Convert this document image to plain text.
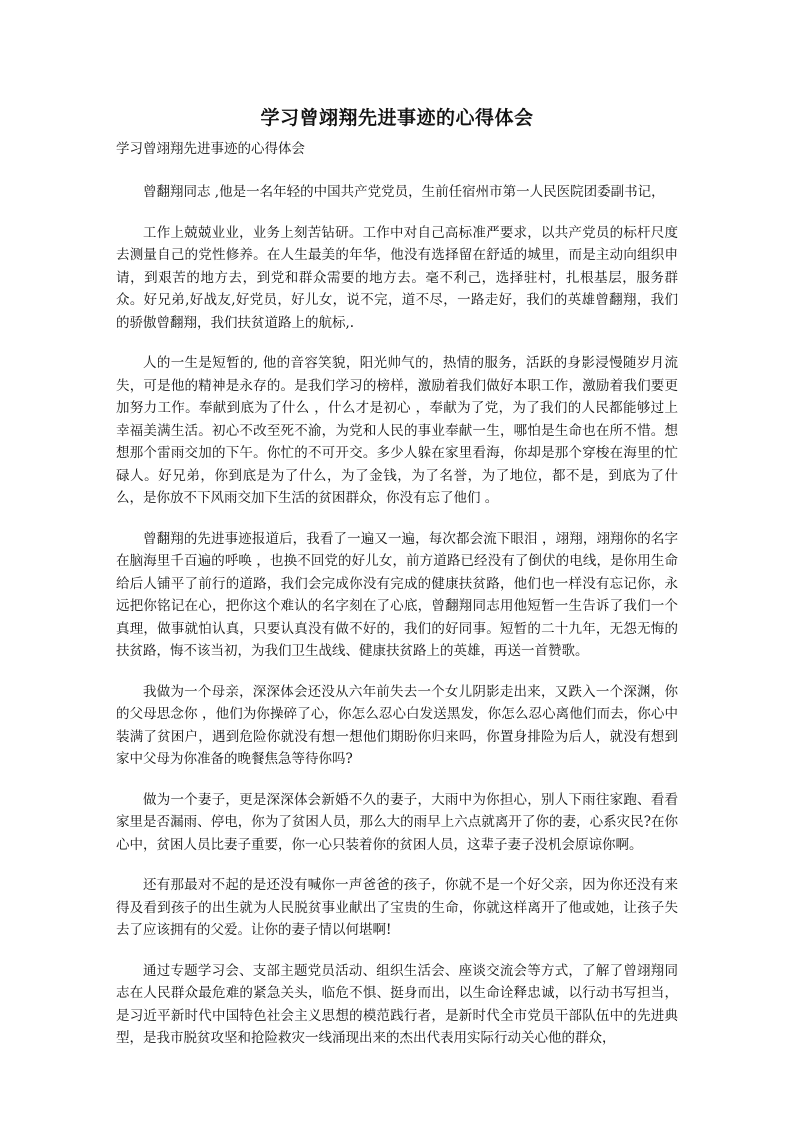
学习曾翊翔先进事迹的心得体会
学习曾翊翔先进事迹的心得体会

曾翻翔同志 ,他是一名年轻的中国共产党党员，生前任宿州市第一人民医院团委副书记，

工作上兢兢业业，业务上刻苦钻研。工作中对自己高标准严要求，以共产党员的标杆尺度去测量自己的党性修养。在人生最美的年华，他没有选择留在舒适的城里，而是主动向组织申请，到艰苦的地方去，到党和群众需要的地方去。毫不利己，选择驻村，扎根基层，服务群众。好兄弟,好战友,好党员，好儿女，说不完，道不尽，一路走好，我们的英雄曾翻翔，我们的骄傲曾翻翔，我们扶贫道路上的航标,.

人的一生是短暂的, 他的音容笑貌，阳光帅气的，热情的服务，活跃的身影浸慢随岁月流失，可是他的精神是永存的。是我们学习的榜样，激励着我们做好本职工作，激励着我们要更加努力工作。奉献到底为了什么 ，什么才是初心 ，奉献为了党，为了我们的人民都能够过上幸福美满生活。初心不改至死不渝，为党和人民的事业奉献一生，哪怕是生命也在所不惜。想想那个雷雨交加的下午。你忙的不可开交。多少人躲在家里看海，你却是那个穿梭在海里的忙碌人。好兄弟，你到底是为了什么，为了金钱，为了名誉，为了地位，都不是，到底为了什么，是你放不下风雨交加下生活的贫困群众，你没有忘了他们 。

曾翻翔的先进事迹报道后，我看了一遍又一遍，每次都会流下眼泪 ，翊翔，翊翔你的名字在脑海里千百遍的呼唤 ，也换不回党的好儿女，前方道路已经没有了倒伏的电线，是你用生命给后人铺平了前行的道路，我们会完成你没有完成的健康扶贫路，他们也一样没有忘记你，永远把你铭记在心，把你这个难认的名字刻在了心底，曾翻翔同志用他短暂一生告诉了我们一个真理，做事就怕认真，只要认真没有做不好的，我们的好同事。短暂的二十九年，无怨无悔的扶贫路，悔不该当初，为我们卫生战线、健康扶贫路上的英雄，再送一首赞歌。

我做为一个母亲，深深体会还没从六年前失去一个女儿阴影走出来，又跌入一个深渊，你的父母思念你 ，他们为你操碎了心，你怎么忍心白发送黑发，你怎么忍心离他们而去，你心中装满了贫困户，遇到危险你就没有想一想他们期盼你归来吗，你置身排险为后人，就没有想到家中父母为你准备的晚餐焦急等待你吗?

做为一个妻子，更是深深体会新婚不久的妻子，大雨中为你担心，别人下雨往家跑、看看家里是否漏雨、停电，你为了贫困人员，那么大的雨早上六点就离开了你的妻，心系灾民?在你心中，贫困人员比妻子重要，你一心只装着你的贫困人员，这辈子妻子没机会原谅你啊。

还有那最对不起的是还没有喊你一声爸爸的孩子，你就不是一个好父亲，因为你还没有来得及看到孩子的出生就为人民脱贫事业献出了宝贵的生命，你就这样离开了他或她，让孩子失去了应该拥有的父爱。让你的妻子情以何堪啊!

通过专题学习会、支部主题党员活动、组织生活会、座谈交流会等方式，了解了曾翊翔同志在人民群众最危难的紧急关头，临危不惧、挺身而出，以生命诠释忠诚，以行动书写担当，是习近平新时代中国特色社会主义思想的模范践行者，是新时代全市党员干部队伍中的先进典型，是我市脱贫攻坚和抢险救灾一线涌现出来的杰出代表用实际行动关心他的群众，
